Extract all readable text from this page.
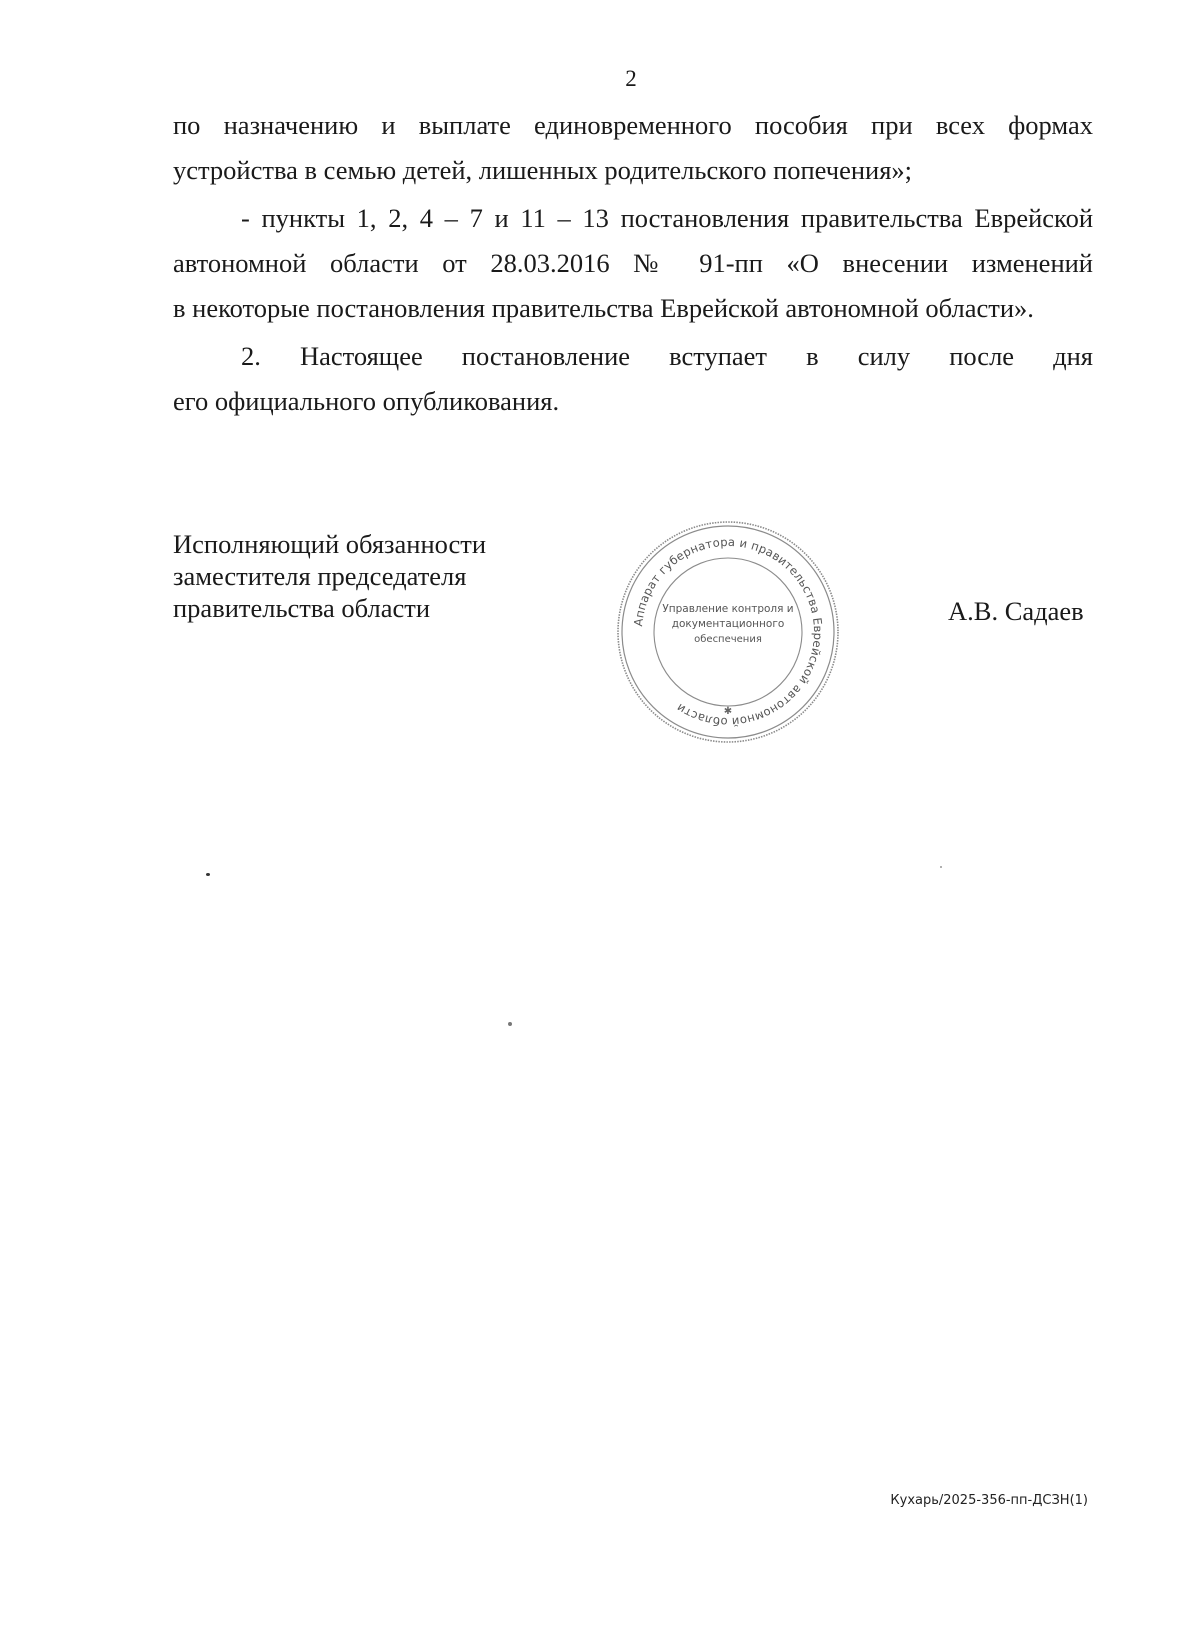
2
по назначению и выплате единовременного пособия при всех формах
устройства в семью детей, лишенных родительского попечения»;
- пункты 1, 2, 4 – 7 и 11 – 13 постановления правительства Еврейской
автономной области от 28.03.2016 № 91-пп «О внесении изменений
в некоторые постановления правительства Еврейской автономной области».
2. Настоящее постановление вступает в силу после дня
его официального опубликования.
Исполняющий обязанности
заместителя председателя
правительства области	А.В. Садаев
Аппарат губернатора и правительства Еврейской автономной области
Управление контроля и
документационного
обеспечения
✱
Кухарь/2025-356-пп-ДСЗН(1)
